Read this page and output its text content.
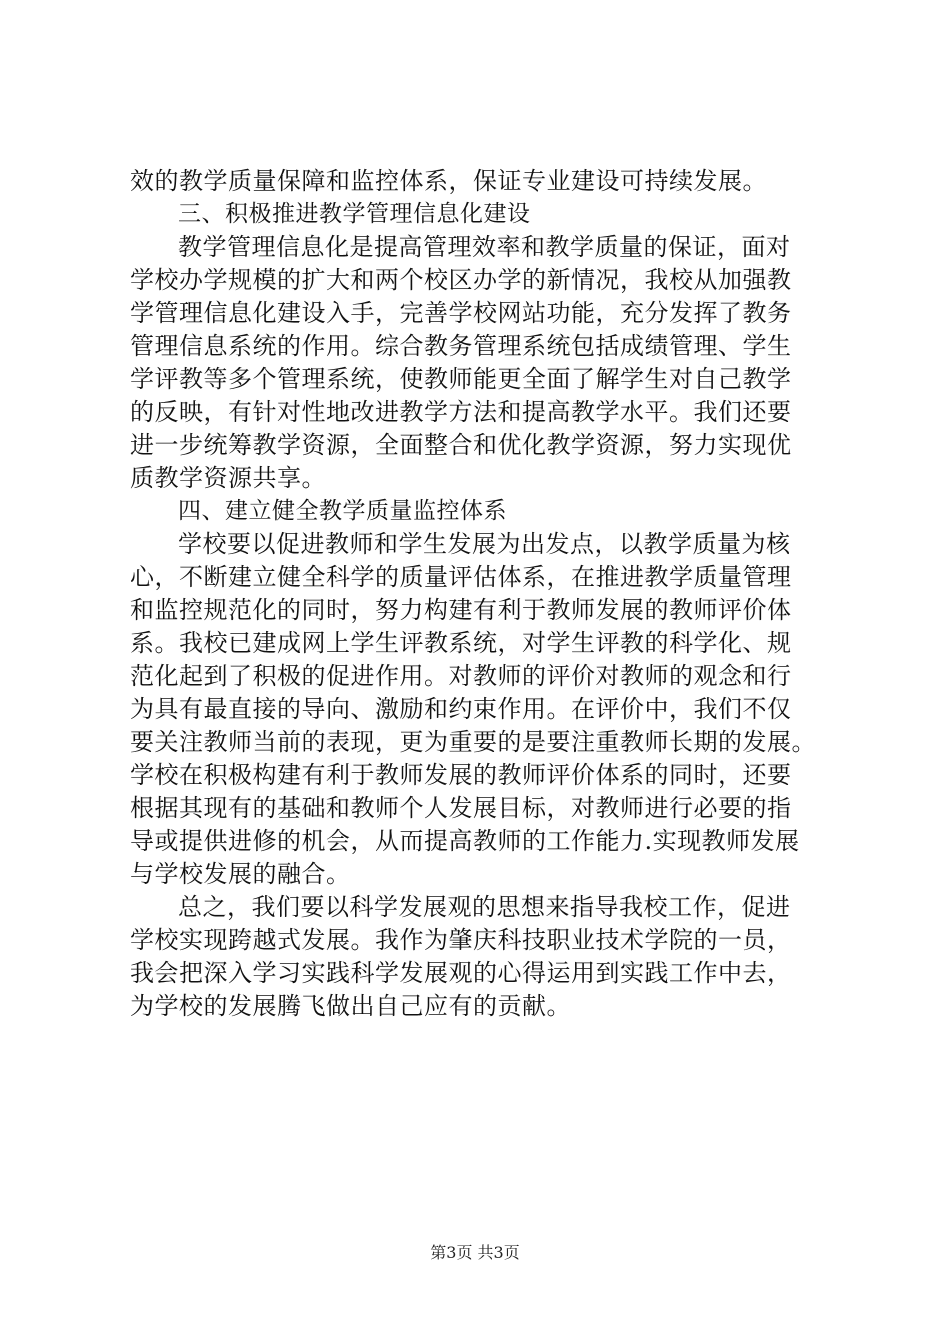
效的教学质量保障和监控体系，保证专业建设可持续发展。
三、积极推进教学管理信息化建设
教学管理信息化是提高管理效率和教学质量的保证，面对
学校办学规模的扩大和两个校区办学的新情况，我校从加强教
学管理信息化建设入手，完善学校网站功能，充分发挥了教务
管理信息系统的作用。综合教务管理系统包括成绩管理、学生
学评教等多个管理系统，使教师能更全面了解学生对自己教学
的反映，有针对性地改进教学方法和提高教学水平。我们还要
进一步统筹教学资源，全面整合和优化教学资源，努力实现优
质教学资源共享。
四、建立健全教学质量监控体系
学校要以促进教师和学生发展为出发点，以教学质量为核
心，不断建立健全科学的质量评估体系，在推进教学质量管理
和监控规范化的同时，努力构建有利于教师发展的教师评价体
系。我校已建成网上学生评教系统，对学生评教的科学化、规
范化起到了积极的促进作用。对教师的评价对教师的观念和行
为具有最直接的导向、激励和约束作用。在评价中，我们不仅
要关注教师当前的表现，更为重要的是要注重教师长期的发展。
学校在积极构建有利于教师发展的教师评价体系的同时，还要
根据其现有的基础和教师个人发展目标，对教师进行必要的指
导或提供进修的机会，从而提高教师的工作能力.实现教师发展
与学校发展的融合。
总之，我们要以科学发展观的思想来指导我校工作，促进
学校实现跨越式发展。我作为肇庆科技职业技术学院的一员，
我会把深入学习实践科学发展观的心得运用到实践工作中去，
为学校的发展腾飞做出自己应有的贡献。
第3页 共3页
